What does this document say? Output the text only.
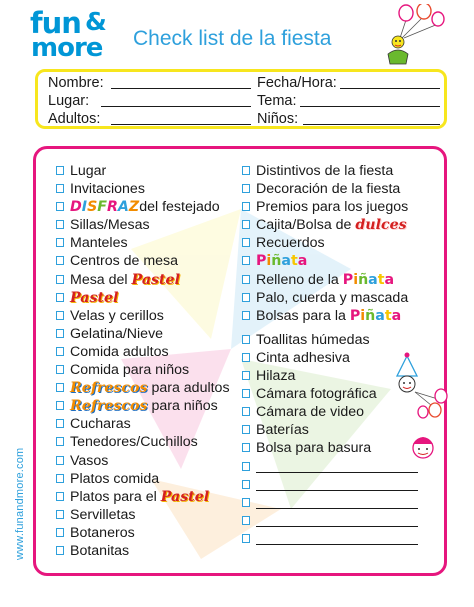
fun &
more Check list de la fiesta
Nombre:	Fecha/Hora:
Lugar:	Tema:
Adultos:	Niños:
Lugar
Invitaciones
DISFRAZdel festejado
Sillas/Mesas
Manteles
Centros de mesa
Mesa del Pastel
Pastel
Velas y cerillos
Gelatina/Nieve
Comida adultos
Comida para niños
Refrescos para adultos
Refrescos para niños
Cucharas
Tenedores/Cuchillos
Vasos
Platos comida
Platos para el Pastel
Servilletas
Botaneros
Botanitas
Distintivos de la fiesta
Decoración de la fiesta
Premios para los juegos
Cajita/Bolsa de dulces
Recuerdos
Piñata
Relleno de la Piñata
Palo, cuerda y mascada
Bolsas para la Piñata
Toallitas húmedas
Cinta adhesiva
Hilaza
Cámara fotográfica
Cámara de video
Baterías
Bolsa para basura
www.funandmore.com
